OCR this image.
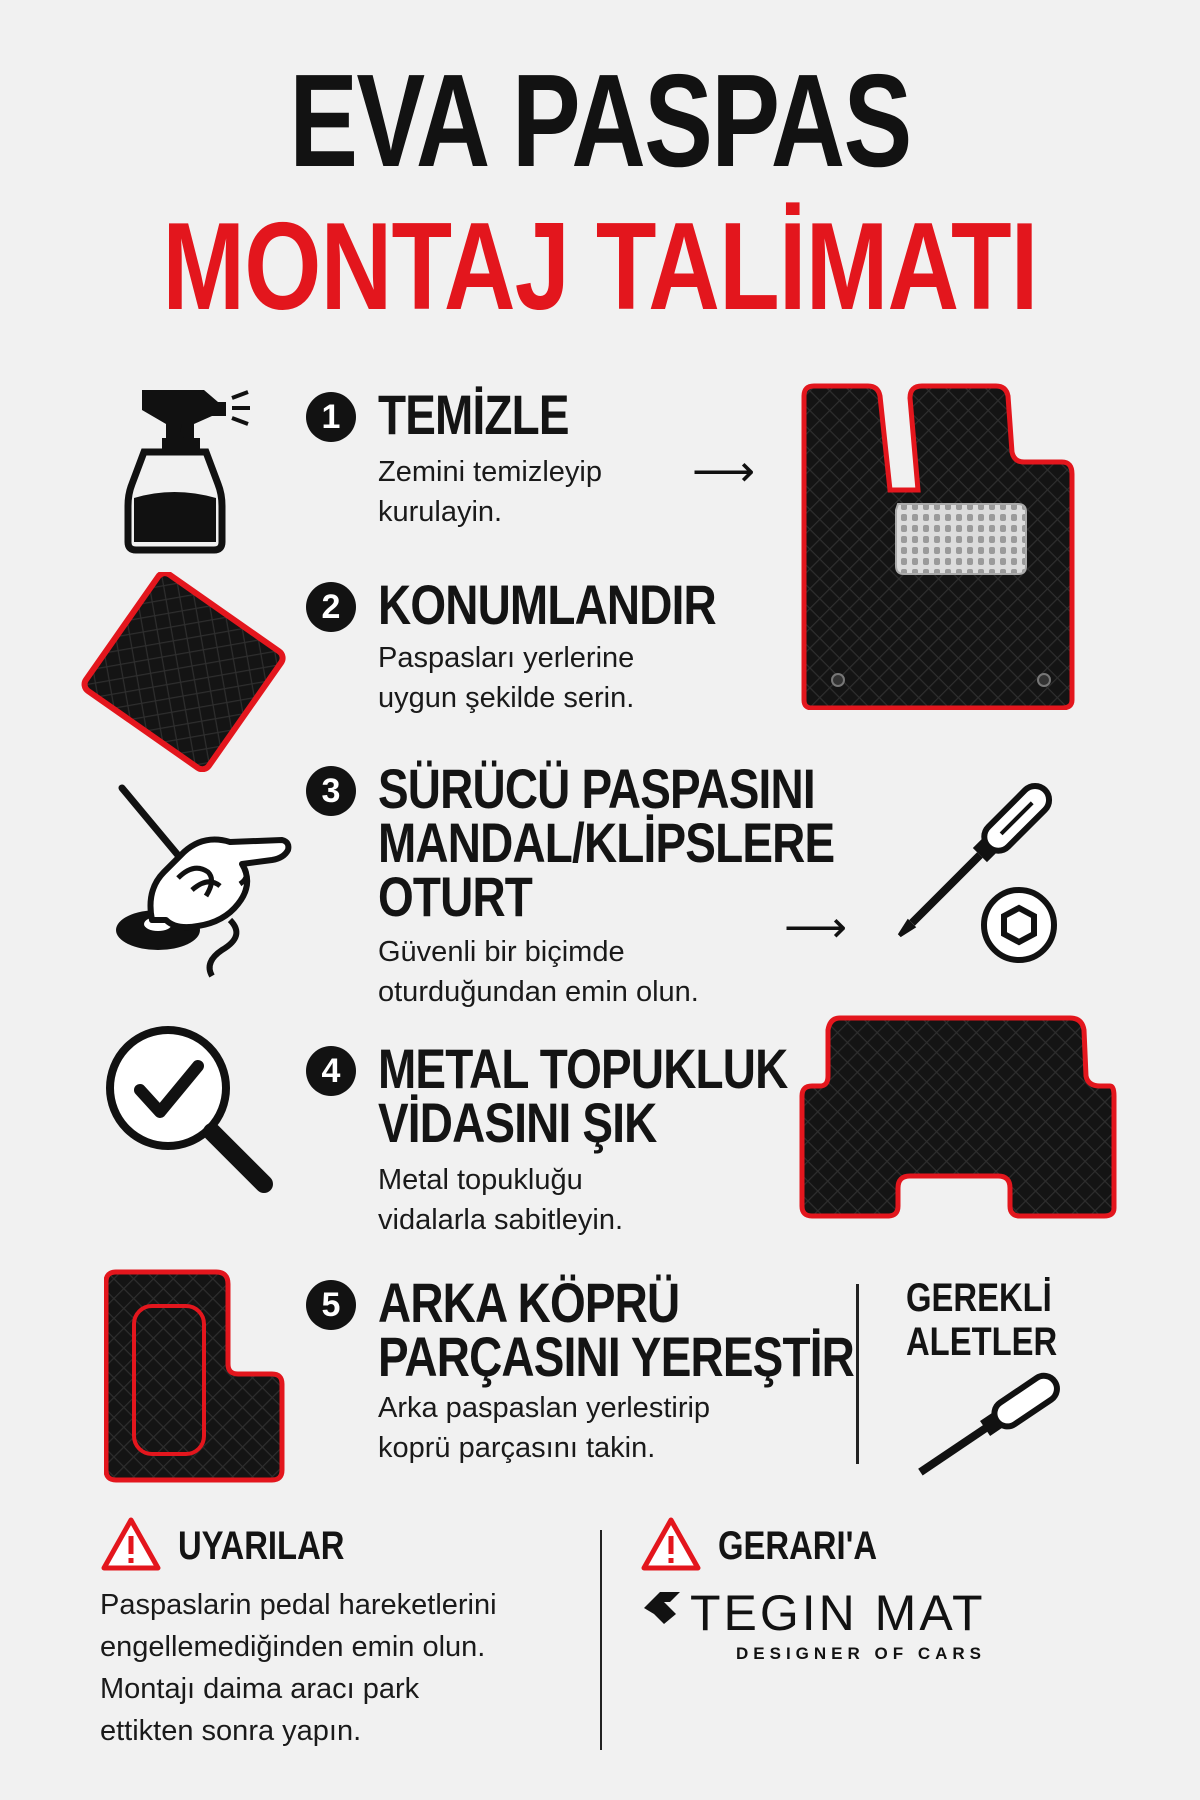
EVA PASPAS
MONTAJ TALİMATI
1 TEMİZLE
Zemini temizleyip
kurulayin.
⟶
2 KONUMLANDIR
Paspasları yerlerine
uygun şekilde serin.
3 SÜRÜCÜ PASPASINI
MANDAL/KLİPSLERE
OTURT
Güvenli bir biçimde
oturduğundan emin olun.
⟶
4 METAL TOPUKLUK
VİDASINI ŞIK
Metal topukluğu
vidalarla sabitleyin.
5 ARKA KÖPRÜ
PARÇASINI YEREŞTİR
Arka paspaslan yerlestirip
koprü parçasını takin.
GEREKLİ
ALETLER
UYARILAR
Paspaslarin pedal hareketlerini
engellemediğinden emin olun.
Montajı daima aracı park
ettikten sonra yapın.
GERARI'A
TEGIN MAT
DESIGNER OF CARS
